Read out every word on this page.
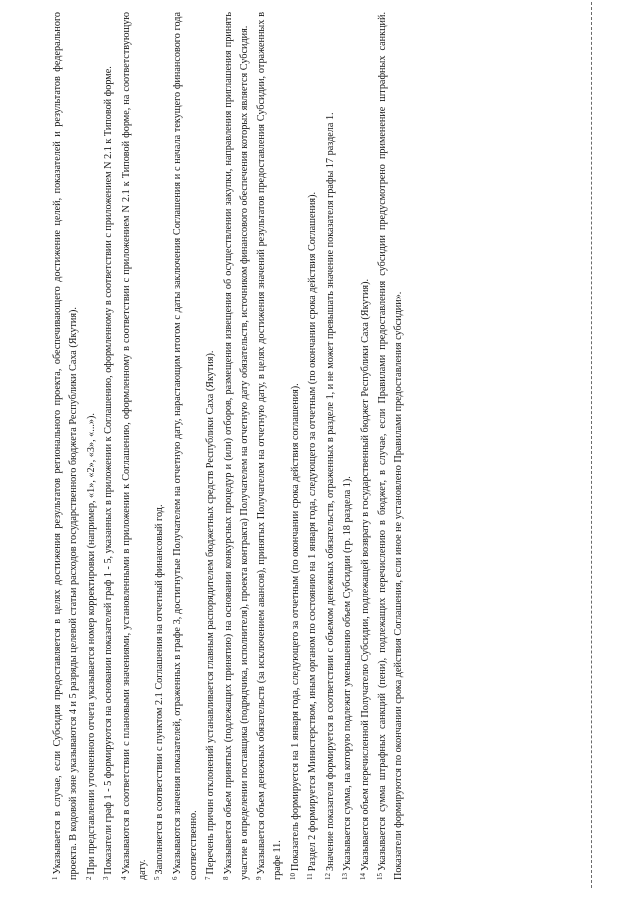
$^1$Указывается в случае, если Субсидия предоставляется в целях достижения результатов регионального проекта, обеспечивающего достижение целей, показателей и результатов федерального проекта. В кодовой зоне указываются 4 и 5 разряды целевой статьи расходов государственного бюджета Республики Саха (Якутия). $^2$При представлении уточненного отчета указывается номер корректировки (например, «1», «2», «3», «...»).

$^3$Показатели граф 1 - 5 формируются на основании показателей граф 1 - 5, указанных в приложении к Соглашению, оформленному в соответствии с приложением N 2.1 к Типовой форме.

$^4$Указываются в соответствии с плановыми значениями, установленными в приложении к Соглашению, оформленному в соответствии с приложением N 2.1 к Типовой форме, на соответствующую дату. $^5$Заполняется в соответствии с пунктом 2.1 Соглашения на отчетный финансовый год.

$^6$Указываются значения показателей, отраженных в графе 3, достигнутые Получателем на отчетную дату, нарастающим итогом с даты заключения Соглашения и с начала текущего финансового года соответственно. $^7$Перечень причин отклонений устанавливается главным распорядителем бюджетных средств Республики Саха (Якутия).

$^8$Указывается объем принятых (подлежащих принятию) на основании конкурсных процедур и (или) отборов, размещения извещения об осуществлении закупки, направления приглашения принять участие в определении поставщика (подрядчика, исполнителя), проекта контракта) Получателем на отчетную дату обязательств, источником финансового обеспечения которых является Субсидия. $^9$Указывается объем денежных обязательств (за исключением авансов), принятых Получателем на отчетную дату, в целях достижения значений результатов предоставления Субсидии, отраженных в графе 11. $^{10}$Показатель формируется на 1 января года, следующего за отчетным (по окончании срока действия соглашения).

$^{11}$Раздел 2 формируется Министерством, иным органом по состоянию на 1 января года, следующего за отчетным (по окончании срока действия Соглашения).

$^{12}$Значение показателя формируется в соответствии с объемом денежных обязательств, отраженных в разделе 1, и не может превышать значение показателя графы 17 раздела 1.

$^{13}$Указывается сумма, на которую подлежит уменьшению объем Субсидии (гр. 18 раздела 1).

$^{14}$Указывается объем перечисленной Получателю Субсидии, подлежащей возврату в государственный бюджет Республики Саха (Якутия).

$^{15}$Указывается сумма штрафных санкций (пени), подлежащих перечислению в бюджет, в случае, если Правилами предоставления субсидии предусмотрено применение штрафных санкций. Показатели формируются по окончании срока действия Соглашения, если иное не установлено Правилами предоставления субсидии».
